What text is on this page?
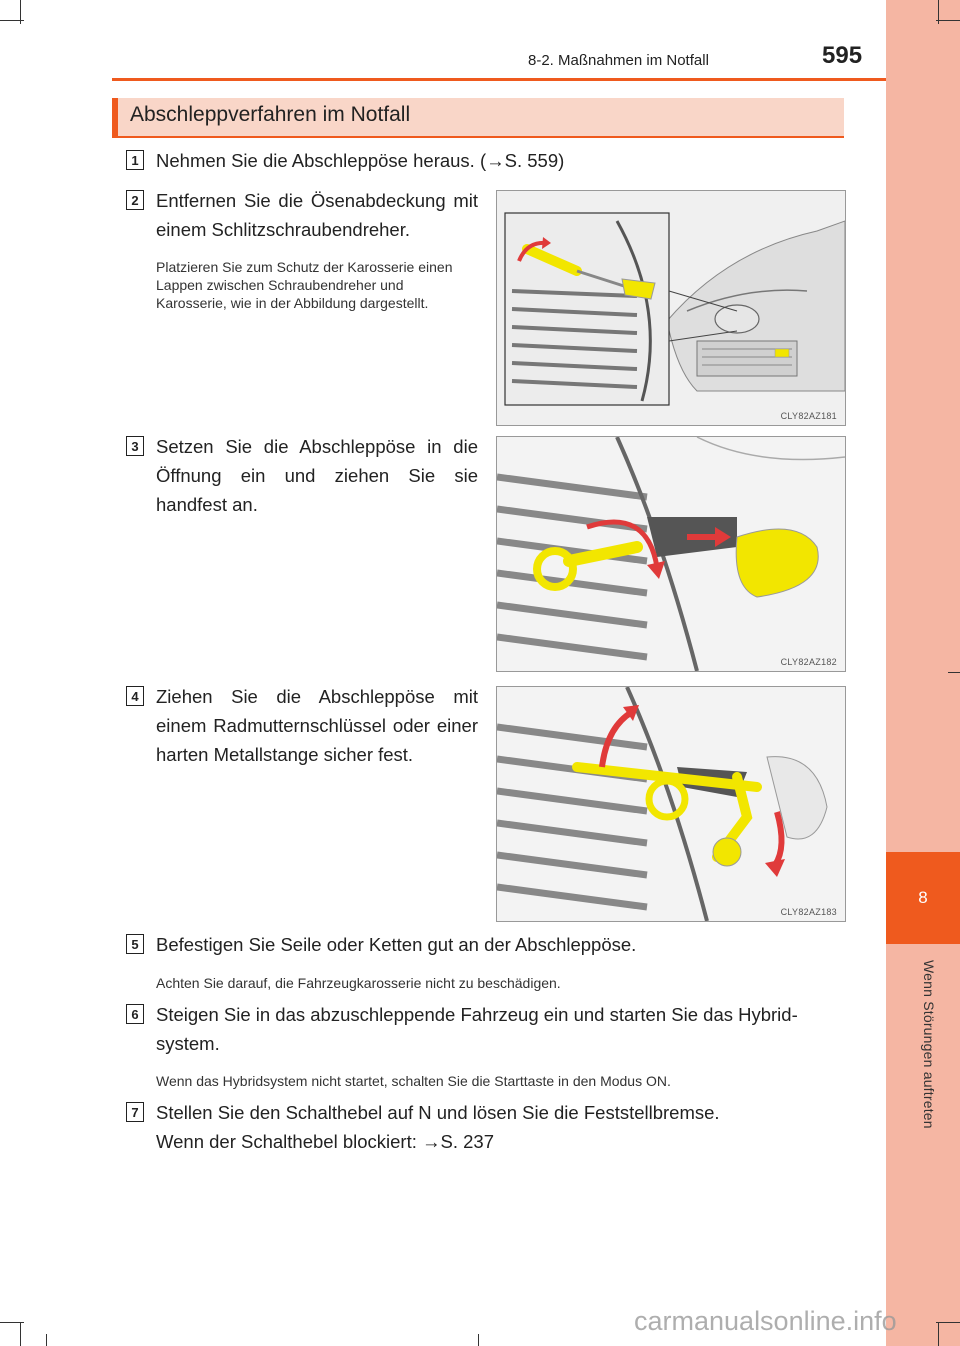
8
Wenn Störungen auftreten
8-2. Maßnahmen im Notfall	595
Abschleppverfahren im Notfall
1 Nehmen Sie die Abschleppöse heraus. (→S. 559)
2 Entfernen Sie die Ösenabdeckung mit einem Schlitzschraubendreher.
Platzieren Sie zum Schutz der Karosserie einen Lappen zwischen Schraubendreher und Karosserie, wie in der Abbildung dargestellt.
CLY82AZ181
3 Setzen Sie die Abschleppöse in die Öffnung ein und ziehen Sie sie handfest an.
CLY82AZ182
4 Ziehen Sie die Abschleppöse mit einem Radmutternschlüssel oder einer harten Metallstange sicher fest.
CLY82AZ183
5 Befestigen Sie Seile oder Ketten gut an der Abschleppöse.
Achten Sie darauf, die Fahrzeugkarosserie nicht zu beschädigen.
6 Steigen Sie in das abzuschleppende Fahrzeug ein und starten Sie das Hybrid-system.
Wenn das Hybridsystem nicht startet, schalten Sie die Starttaste in den Modus ON.
7 Stellen Sie den Schalthebel auf N und lösen Sie die Feststellbremse.
Wenn der Schalthebel blockiert: →S. 237
carmanualsonline.info
